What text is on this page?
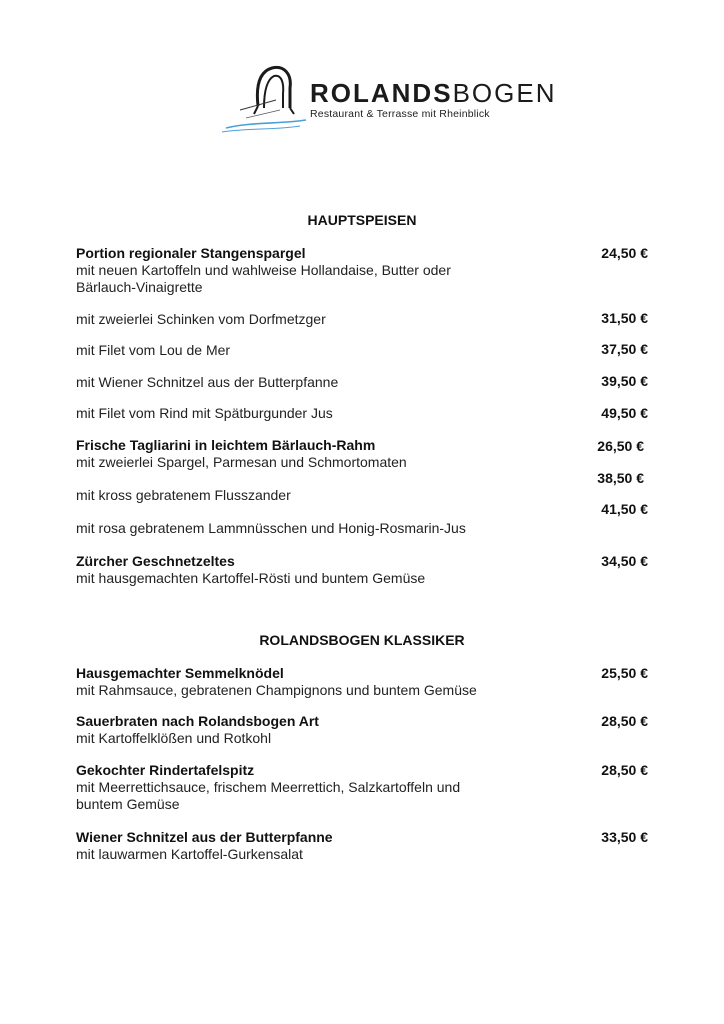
ROLANDSBOGEN
Restaurant & Terrasse mit Rheinblick
HAUPTSPEISEN
Portion regionaler Stangenspargel
mit neuen Kartoffeln und wahlweise Hollandaise, Butter oder Bärlauch-Vinaigrette
24,50 €
mit zweierlei Schinken vom Dorfmetzger	31,50 €
mit Filet vom Lou de Mer	37,50 €
mit Wiener Schnitzel aus der Butterpfanne	39,50 €
mit Filet vom Rind mit Spätburgunder Jus	49,50 €
Frische Tagliarini in leichtem Bärlauch-Rahm
mit zweierlei Spargel, Parmesan und Schmortomaten
26,50 €
mit kross gebratenem Flusszander
38,50 €
mit rosa gebratenem Lammnüsschen und Honig-Rosmarin-Jus
41,50 €
Zürcher Geschnetzeltes
mit hausgemachten Kartoffel-Rösti und buntem Gemüse
34,50 €
ROLANDSBOGEN KLASSIKER
Hausgemachter Semmelknödel
mit Rahmsauce, gebratenen Champignons und buntem Gemüse
25,50 €
Sauerbraten nach Rolandsbogen Art
mit Kartoffelklößen und Rotkohl
28,50 €
Gekochter Rindertafelspitz
mit Meerrettichsauce, frischem Meerrettich, Salzkartoffeln und buntem Gemüse
28,50 €
Wiener Schnitzel aus der Butterpfanne
mit lauwarmen Kartoffel-Gurkensalat
33,50 €
